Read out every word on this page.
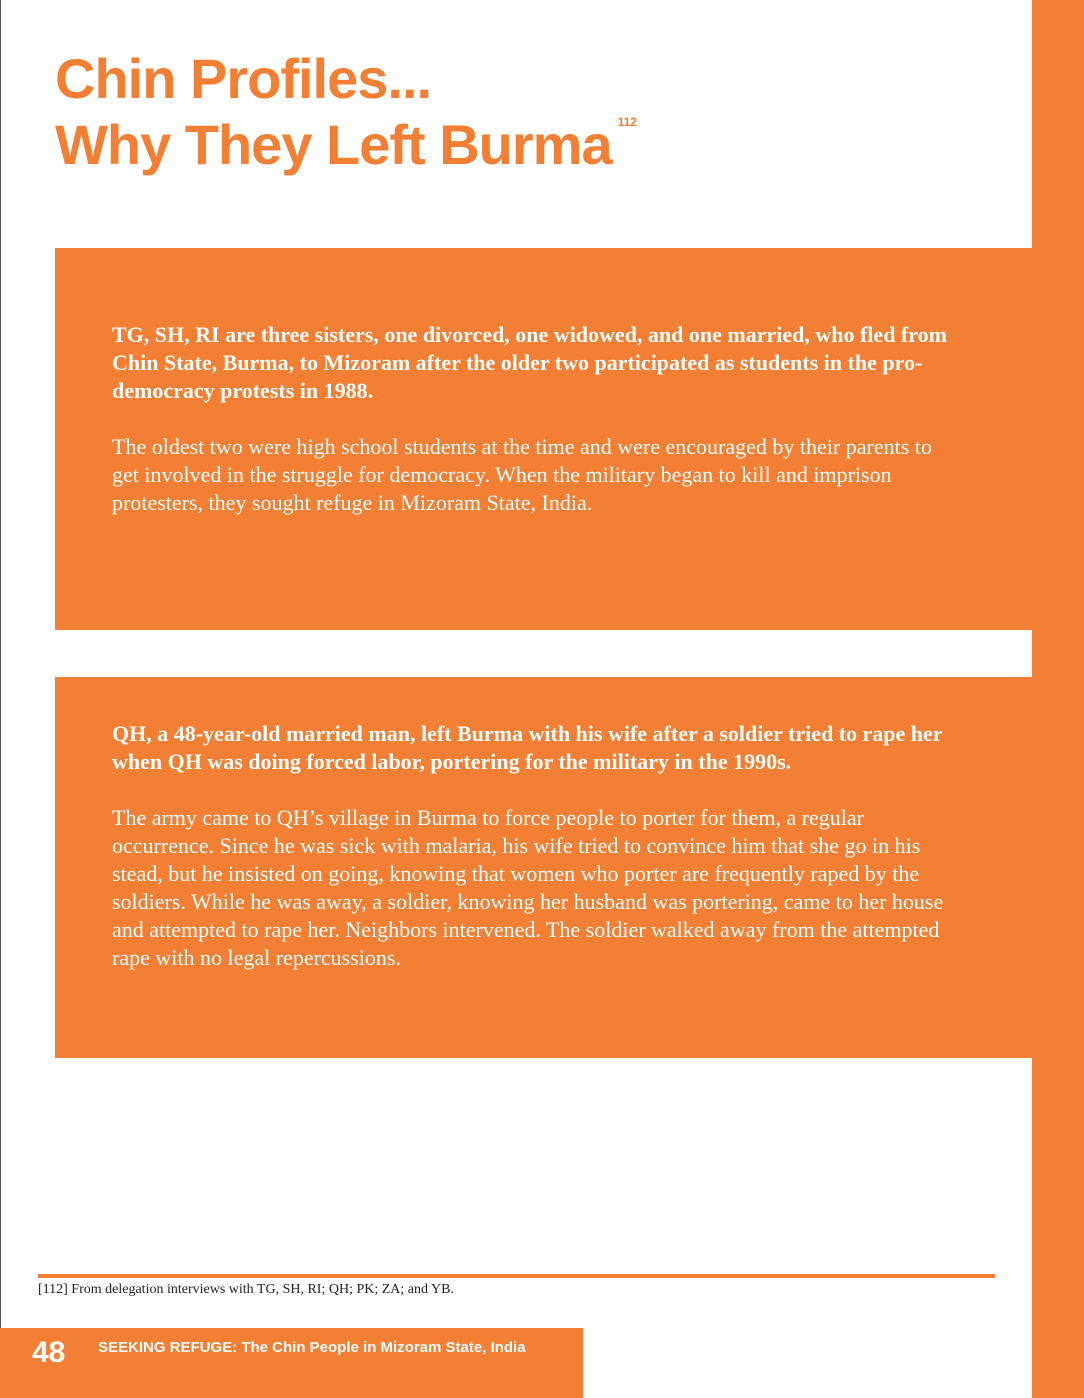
Chin Profiles...
Why They Left Burma $^{112}$

TG, SH, RI are three sisters, one divorced, one widowed, and one married, who fled from Chin State, Burma, to Mizoram after the older two participated as students in the pro-democracy protests in 1988.

The oldest two were high school students at the time and were encouraged by their parents to get involved in the struggle for democracy. When the military began to kill and imprison protesters, they sought refuge in Mizoram State, India.

QH, a 48-year-old married man, left Burma with his wife after a soldier tried to rape her when QH was doing forced labor, portering for the military in the 1990s.

The army came to QH’s village in Burma to force people to porter for them, a regular occurrence. Since he was sick with malaria, his wife tried to convince him that she go in his stead, but he insisted on going, knowing that women who porter are frequently raped by the soldiers. While he was away, a soldier, knowing her husband was portering, came to her house and attempted to rape her. Neighbors intervened. The soldier walked away from the attempted rape with no legal repercussions.

[112] From delegation interviews with TG, SH, RI; QH; PK; ZA; and YB.

48 SEEKING REFUGE: The Chin People in Mizoram State, India
